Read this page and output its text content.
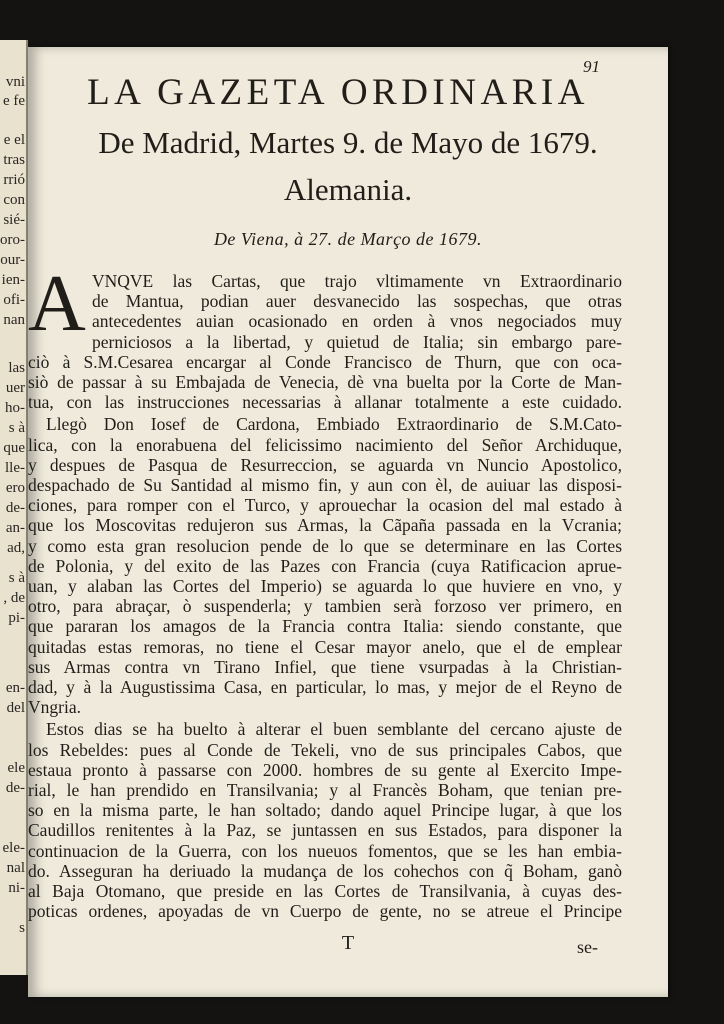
vni
e fe
e el
tras
rrió
con
sié-
oro-
our-
ien-
ofi-
nan
las
uer
ho-
s à
que
lle-
ero
de-
an-
ad,
s à
, de
pi-
en-
del
ele
de-
ele-
nal
ni-
s
91
LA GAZETA ORDINARIA
De Madrid, Martes 9. de Mayo de 1679.
Alemania.
De Viena, à 27. de Março de 1679.
A VNQVE las Cartas, que trajo vltimamente vn Extraordinario
de Mantua, podian auer desvanecido las sospechas, que otras
antecedentes auian ocasionado en orden à vnos negociados muy
perniciosos a la libertad, y quietud de Italia; sin embargo pare-
ciò à S.M.Cesarea encargar al Conde Francisco de Thurn, que con oca-
siò de passar à su Embajada de Venecia, dè vna buelta por la Corte de Man-
tua, con las instrucciones necessarias à allanar totalmente a este cuidado.
Llegò Don Iosef de Cardona, Embiado Extraordinario de S.M.Cato-
lica, con la enorabuena del felicissimo nacimiento del Señor Archiduque,
y despues de Pasqua de Resurreccion, se aguarda vn Nuncio Apostolico,
despachado de Su Santidad al mismo fin, y aun con èl, de auiuar las disposi-
ciones, para romper con el Turco, y aprouechar la ocasion del mal estado à
que los Moscovitas redujeron sus Armas, la Cãpaña passada en la Vcrania;
y como esta gran resolucion pende de lo que se determinare en las Cortes
de Polonia, y del exito de las Pazes con Francia (cuya Ratificacion aprue-
uan, y alaban las Cortes del Imperio) se aguarda lo que huviere en vno, y
otro, para abraçar, ò suspenderla; y tambien serà forzoso ver primero, en
que pararan los amagos de la Francia contra Italia: siendo constante, que
quitadas estas remoras, no tiene el Cesar mayor anelo, que el de emplear
sus Armas contra vn Tirano Infiel, que tiene vsurpadas à la Christian-
dad, y à la Augustissima Casa, en particular, lo mas, y mejor de el Reyno de
Vngria.
Estos dias se ha buelto à alterar el buen semblante del cercano ajuste de
los Rebeldes: pues al Conde de Tekeli, vno de sus principales Cabos, que
estaua pronto à passarse con 2000. hombres de su gente al Exercito Impe-
rial, le han prendido en Transilvania; y al Francès Boham, que tenian pre-
so en la misma parte, le han soltado; dando aquel Principe lugar, à que los
Caudillos renitentes à la Paz, se juntassen en sus Estados, para disponer la
continuacion de la Guerra, con los nueuos fomentos, que se les han embia-
do. Asseguran ha deriuado la mudança de los cohechos con q̃ Boham, ganò
al Baja Otomano, que preside en las Cortes de Transilvania, à cuyas des-
poticas ordenes, apoyadas de vn Cuerpo de gente, no se atreue el Principe
T	se-
